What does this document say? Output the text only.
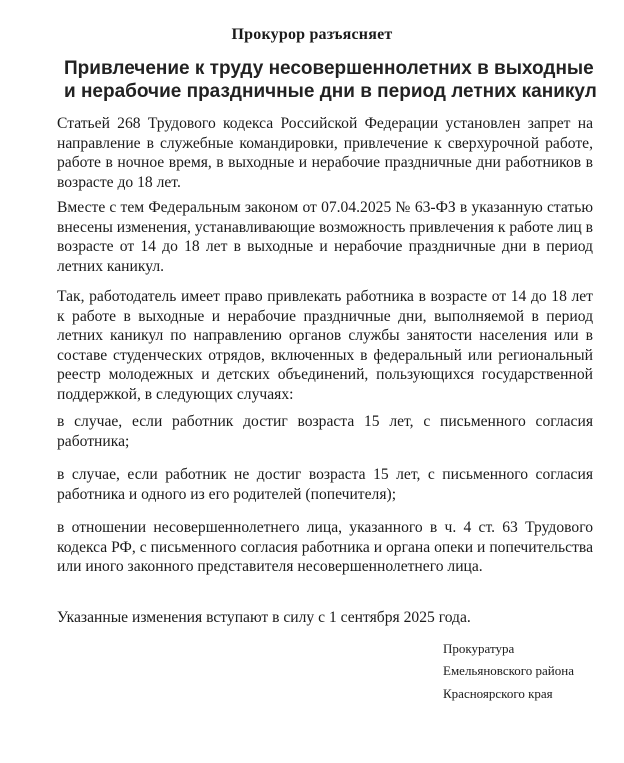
Прокурор разъясняет
Привлечение к труду несовершеннолетних в выходные и нерабочие праздничные дни в период летних каникул

Статьей 268 Трудового кодекса Российской Федерации установлен запрет на направление в служебные командировки, привлечение к сверхурочной работе, работе в ночное время, в выходные и нерабочие праздничные дни работников в возрасте до 18 лет.

Вместе с тем Федеральным законом от 07.04.2025 № 63-ФЗ в указанную статью внесены изменения, устанавливающие возможность привлечения к работе лиц в возрасте от 14 до 18 лет в выходные и нерабочие праздничные дни в период летних каникул.

Так, работодатель имеет право привлекать работника в возрасте от 14 до 18 лет к работе в выходные и нерабочие праздничные дни, выполняемой в период летних каникул по направлению органов службы занятости населения или в составе студенческих отрядов, включенных в федеральный или региональный реестр молодежных и детских объединений, пользующихся государственной поддержкой, в следующих случаях:

в случае, если работник достиг возраста 15 лет, с письменного согласия работника;

в случае, если работник не достиг возраста 15 лет, с письменного согласия работника и одного из его родителей (попечителя);

в отношении несовершеннолетнего лица, указанного в ч. 4 ст. 63 Трудового кодекса РФ, с письменного согласия работника и органа опеки и попечительства или иного законного представителя несовершеннолетнего лица.

Указанные изменения вступают в силу с 1 сентября 2025 года.

Прокуратура
Емельяновского района
Красноярского края
